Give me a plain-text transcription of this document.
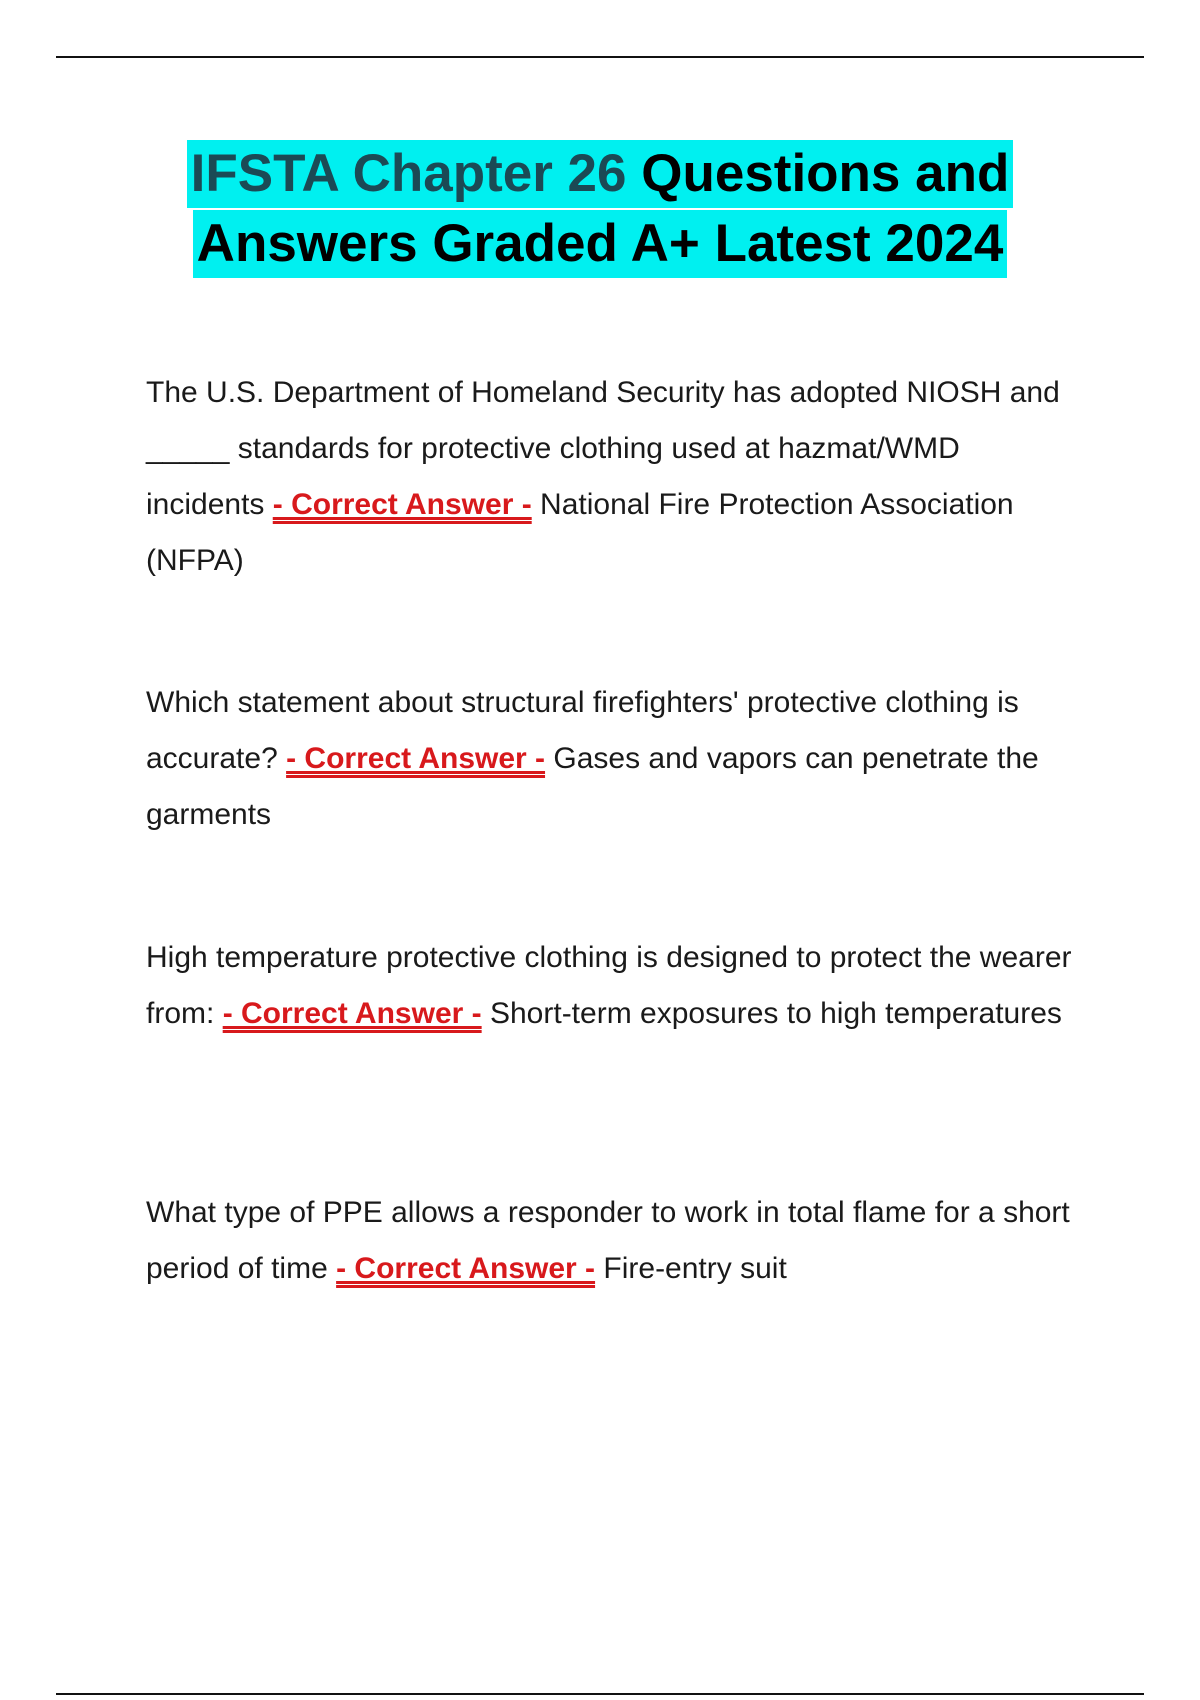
IFSTA Chapter 26 Questions and
Answers Graded A+ Latest 2024
The U.S. Department of Homeland Security has adopted NIOSH and _____ standards for protective clothing used at hazmat/WMD incidents - Correct Answer - National Fire Protection Association (NFPA)
Which statement about structural firefighters' protective clothing is accurate? - Correct Answer - Gases and vapors can penetrate the garments
High temperature protective clothing is designed to protect the wearer from: - Correct Answer - Short-term exposures to high temperatures
What type of PPE allows a responder to work in total flame for a short period of time - Correct Answer - Fire-entry suit
